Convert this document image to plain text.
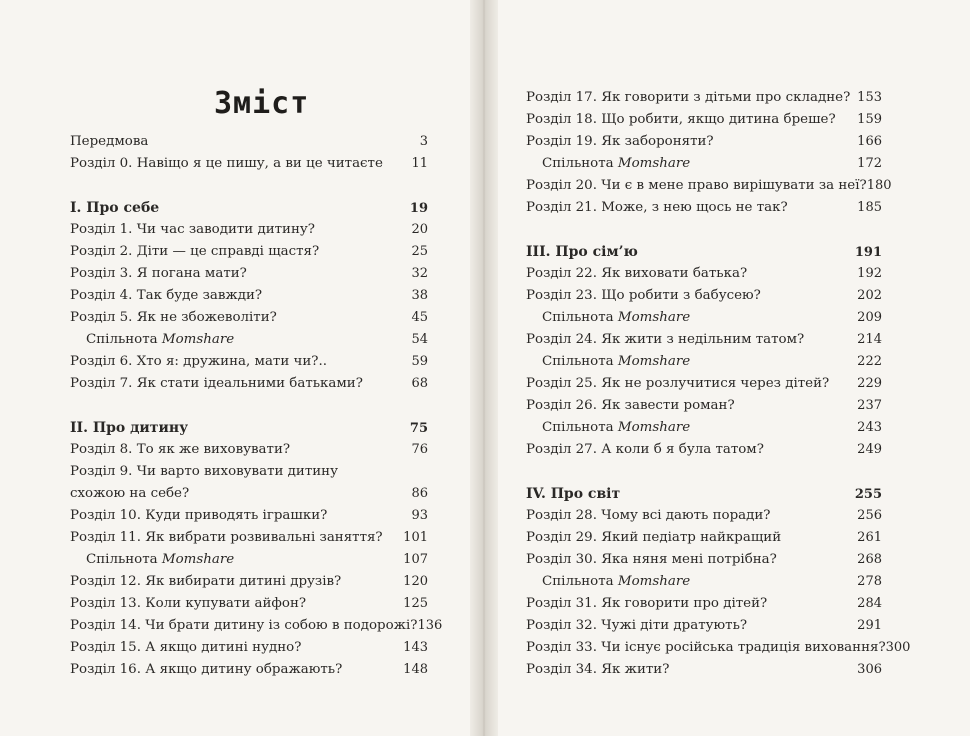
Зміст
Передмова	3
Розділ 0. Навіщо я це пишу, а ви це читаєте 11
I. Про себе	19
Розділ 1. Чи час заводити дитину?	20
Розділ 2. Діти — це справді щастя?	25
Розділ 3. Я погана мати?	32
Розділ 4. Так буде завжди?	38
Розділ 5. Як не збожеволіти?	45
Спільнота Momshare	54
Розділ 6. Хто я: дружина, мати чи?..	59
Розділ 7. Як стати ідеальними батьками?	68
II. Про дитину	75
Розділ 8. То як же виховувати?	76
Розділ 9. Чи варто виховувати дитину
схожою на себе?	86
Розділ 10. Куди приводять іграшки?	93
Розділ 11. Як вибрати розвивальні заняття? 101
Спільнота Momshare	107
Розділ 12. Як вибирати дитині друзів?	120
Розділ 13. Коли купувати айфон?	125
Розділ 14. Чи брати дитину із собою в подорожі? 136
Розділ 15. А якщо дитині нудно?	143
Розділ 16. А якщо дитину ображають?	148
Розділ 17. Як говорити з дітьми про складне? 153
Розділ 18. Що робити, якщо дитина бреше? 159
Розділ 19. Як забороняти?	166
Спільнота Momshare	172
Розділ 20. Чи є в мене право вирішувати за неї? 180
Розділ 21. Може, з нею щось не так?	185
III. Про сім’ю	191
Розділ 22. Як виховати батька?	192
Розділ 23. Що робити з бабусею?	202
Спільнота Momshare	209
Розділ 24. Як жити з недільним татом?	214
Спільнота Momshare	222
Розділ 25. Як не розлучитися через дітей? 229
Розділ 26. Як завести роман?	237
Спільнота Momshare	243
Розділ 27. А коли б я була татом?	249
IV. Про світ	255
Розділ 28. Чому всі дають поради?	256
Розділ 29. Який педіатр найкращий	261
Розділ 30. Яка няня мені потрібна?	268
Спільнота Momshare	278
Розділ 31. Як говорити про дітей?	284
Розділ 32. Чужі діти дратують?	291
Розділ 33. Чи існує російська традиція виховання? 300
Розділ 34. Як жити?	306
